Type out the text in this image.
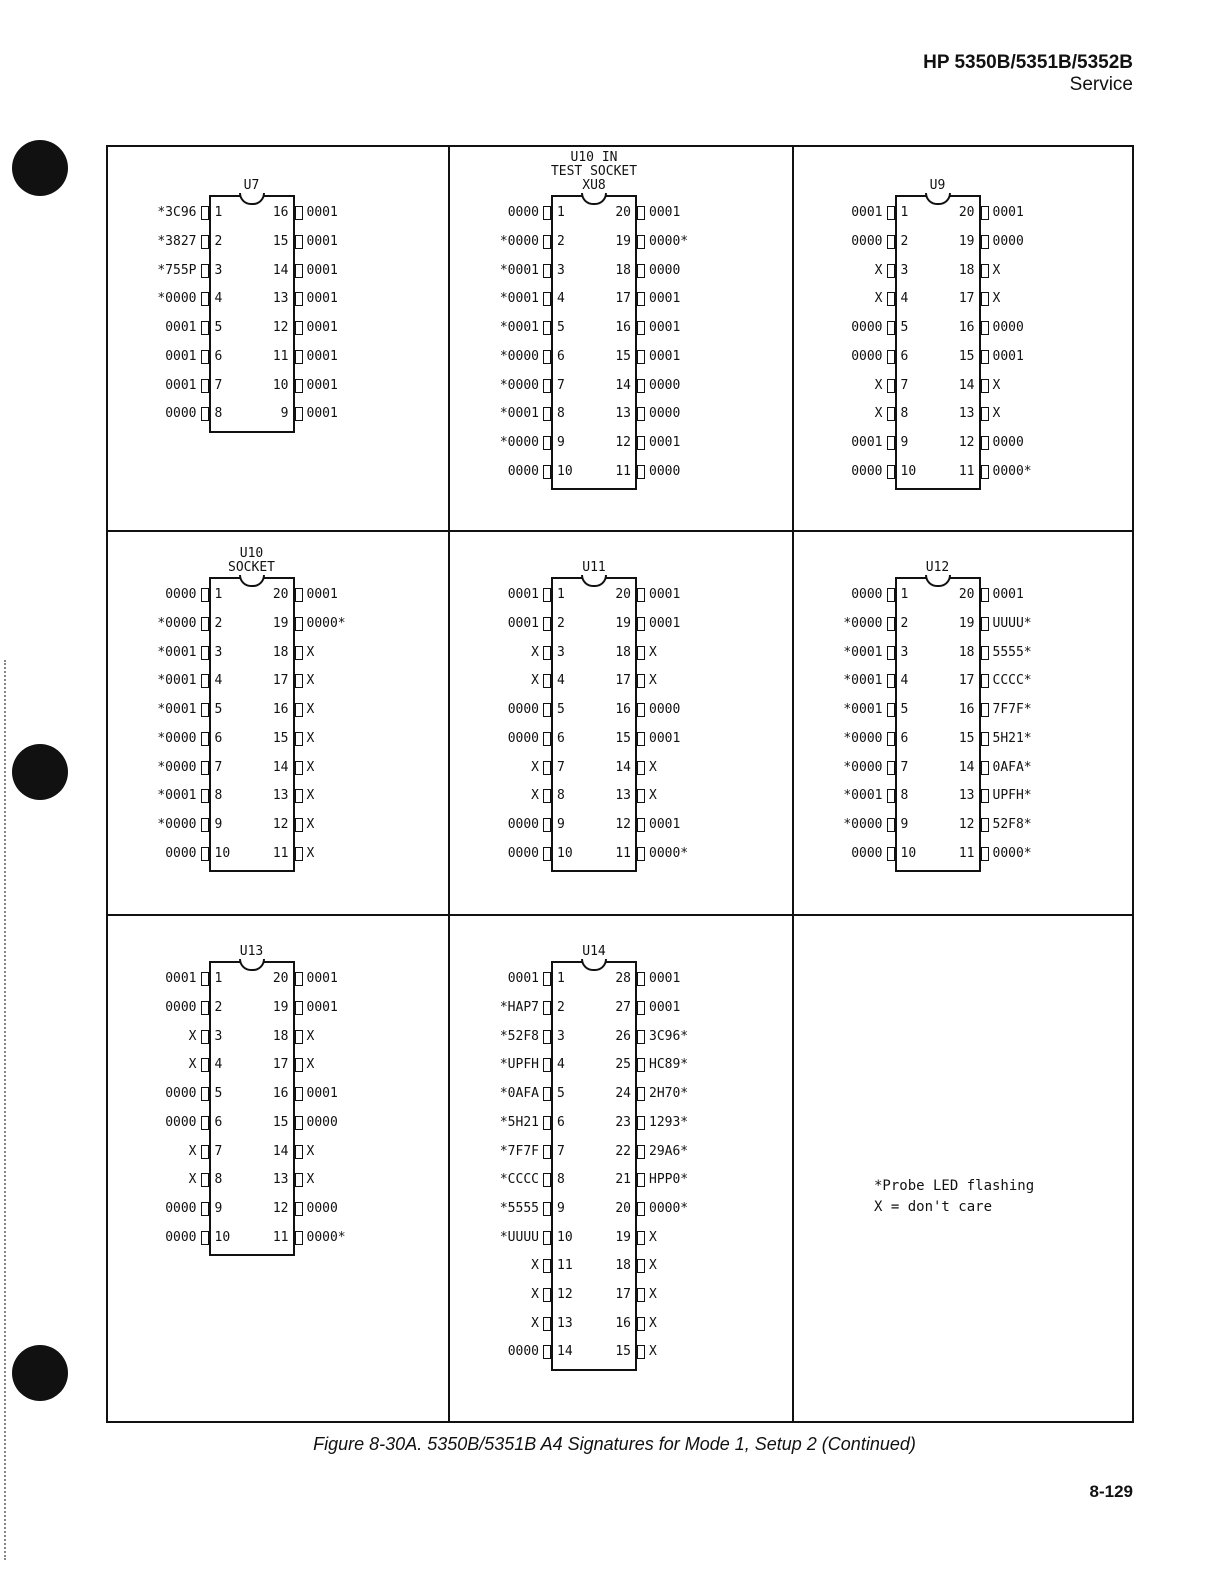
HP 5350B/5351B/5352B
Service
*Probe LED flashing
X = don't care
Figure 8-30A. 5350B/5351B A4 Signatures for Mode 1, Setup 2 (Continued)
8-129
U7
1
*3C96
2
*3827
3
*755P
4
*0000
5
0001
6
0001
7
0001
8
0000
16 0001
15 0001
14 0001
13 0001
12 0001
11 0001
10 0001
9 0001
U10 IN
TEST SOCKET
XU8
1
0000
2
*0000
3
*0001
4
*0001
5
*0001
6
*0000
7
*0000
8
*0001
9
*0000
10
0000
20 0001
19 0000*
18 0000
17 0001
16 0001
15 0001
14 0000
13 0000
12 0001
11 0000
U9
1
0001
2
0000
3
X
4
X
5
0000
6
0000
7
X
8
X
9
0001
10
0000
20 0001
19 0000
18 X
17 X
16 0000
15 0001
14 X
13 X
12 0000
11 0000*
U10
SOCKET
1
0000
2
*0000
3
*0001
4
*0001
5
*0001
6
*0000
7
*0000
8
*0001
9
*0000
10
0000
20 0001
19 0000*
18 X
17 X
16 X
15 X
14 X
13 X
12 X
11 X
U11
1
0001
2
0001
3
X
4
X
5
0000
6
0000
7
X
8
X
9
0000
10
0000
20 0001
19 0001
18 X
17 X
16 0000
15 0001
14 X
13 X
12 0001
11 0000*
U12
1
0000
2
*0000
3
*0001
4
*0001
5
*0001
6
*0000
7
*0000
8
*0001
9
*0000
10
0000
20 0001
19 UUUU*
18 5555*
17 CCCC*
16 7F7F*
15 5H21*
14 0AFA*
13 UPFH*
12 52F8*
11 0000*
U13
1
0001
2
0000
3
X
4
X
5
0000
6
0000
7
X
8
X
9
0000
10
0000
20 0001
19 0001
18 X
17 X
16 0001
15 0000
14 X
13 X
12 0000
11 0000*
U14
1
0001
2
*HAP7
3
*52F8
4
*UPFH
5
*0AFA
6
*5H21
7
*7F7F
8
*CCCC
9
*5555
10
*UUUU
11
X
12
X
13
X
14
0000
28 0001
27 0001
26 3C96*
25 HC89*
24 2H70*
23 1293*
22 29A6*
21 HPP0*
20 0000*
19 X
18 X
17 X
16 X
15 X
